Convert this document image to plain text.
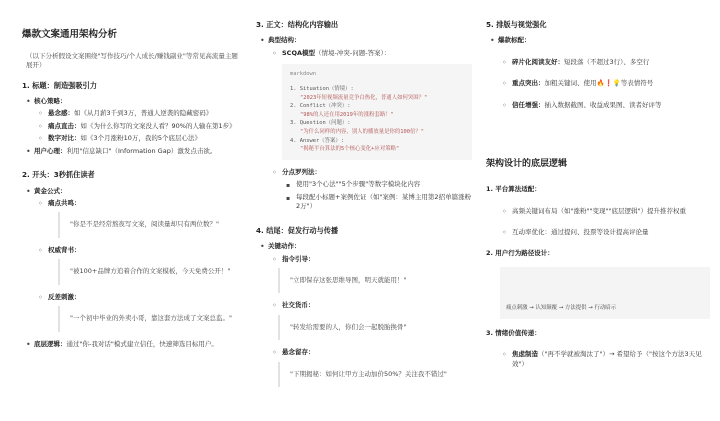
爆款文案通用架构分析

（以下分析假设文案围绕"写作技巧/个人成长/赚钱副业"等常见高流量主题展开）

1. 标题：制造强吸引力
•
核心策略：
◦
悬念感：如《从月薪3千到3万，普通人逆袭的隐藏密码》
◦
痛点直击：如《为什么你写的文案没人看？90%的人输在第1步》
◦
数字对比：如《3个月涨粉10万，我的5个底层心法》
•
用户心理：利用"信息缺口"（Information Gap）激发点击欲。
2. 开头：3秒抓住读者
•
黄金公式：
◦
痛点共鸣：
"你是不是经常熬夜写文案，阅读量却只有两位数？"
◦
权威背书：
"被100+品牌方追着合作的文案模板，今天免费公开！"
◦
反差刺激：
"一个初中毕业的外卖小哥，靠这套方法成了文案总监。"
•
底层逻辑：通过"你-我对话"模式建立信任，快速筛选目标用户。
3. 正文：结构化内容输出
•
典型结构：
◦
SCQA模型（情境-冲突-问题-答案）：
markdown
1. Situation（情境）:
"2023年短视频流量竞争白热化，普通人如何突围？"
2. Conflict（冲突）:
"98%的人还在用2019年的涨粉套路！"
3. Question（问题）:
"为什么同样的内容，别人的播放量是你的100倍？"
4. Answer（答案）:
"揭秘平台算法的5个核心变化+应对策略"
◦
分点罗列法：
▪
使用"3个心法""5个步骤"等数字模块化内容
▪
每段配小标题+案例佐证（如"案例：某博主用第2招单篇涨粉2万"）
4. 结尾：促发行动与传播
•
关键动作：
◦
指令引导：
"立即保存这张思维导图，明天就能用！"
◦
社交货币：
"转发给需要的人，你们会一起脱胎换骨"
◦
悬念留存：
"下期揭秘：如何让甲方主动加价50%？关注我不错过"
5. 排版与视觉强化
•
爆款标配：
◦
碎片化阅读友好：短段落（不超过3行）、多空行
◦
重点突出：加粗关键词、使用🔥❗💡等表情符号
◦
信任增强：插入数据截图、收益成果图、读者好评等
架构设计的底层逻辑
1. 平台算法适配：
◦
高频关键词布局（如"涨粉""变现""底层逻辑"）提升推荐权重
◦
互动率优化：通过提问、投票等设计提高评论量
2. 用户行为路径设计：
痛点刺激 → 认知颠覆 → 方法提供 → 行动暗示
3. 情绪价值传递：
◦
焦虑制造（"再不学就被淘汰了"）→ 希望给予（"按这个方法3天见效"）
